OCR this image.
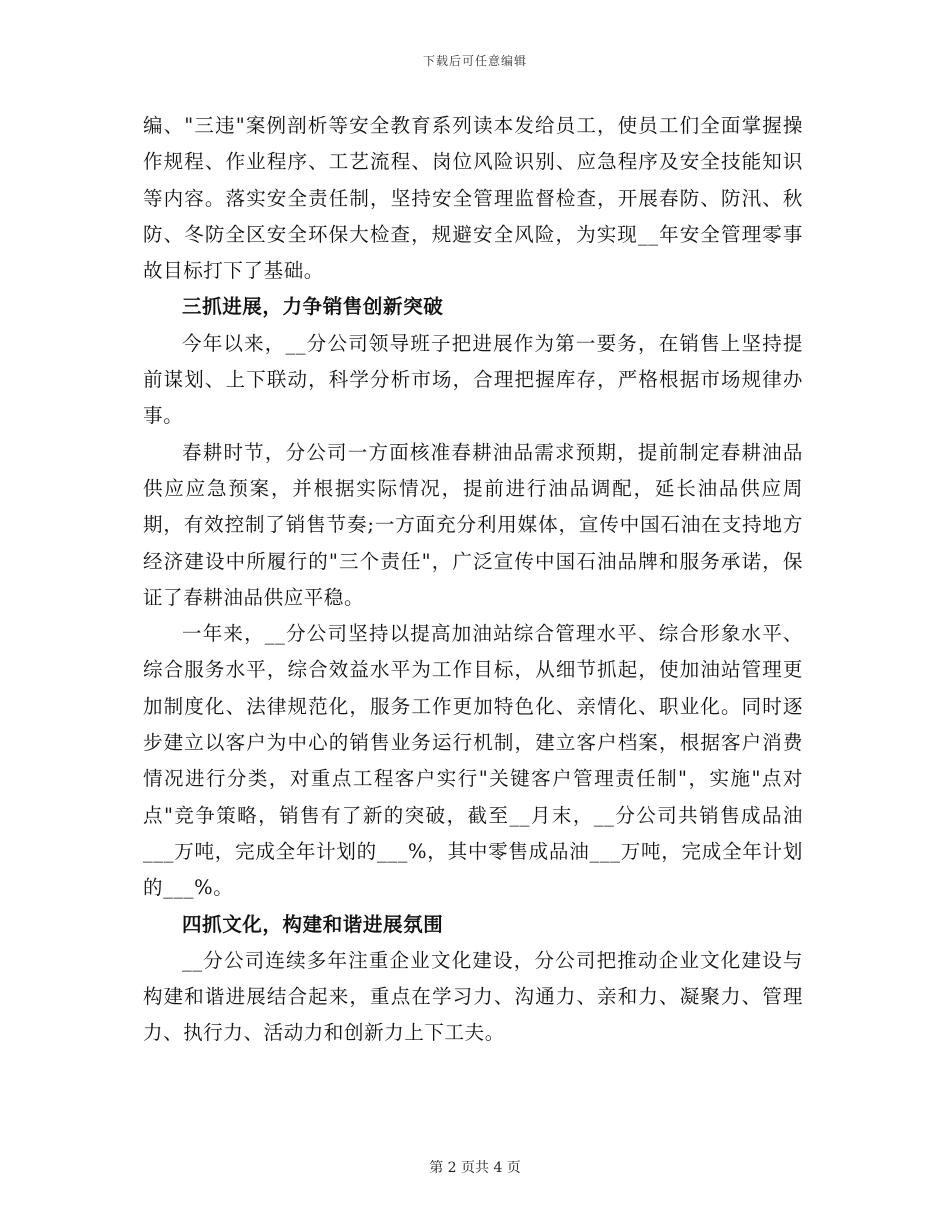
下载后可任意编辑

编、"三违"案例剖析等安全教育系列读本发给员工，使员工们全面掌握操作规程、作业程序、工艺流程、岗位风险识别、应急程序及安全技能知识等内容。落实安全责任制，坚持安全管理监督检查，开展春防、防汛、秋防、冬防全区安全环保大检查，规避安全风险，为实现__年安全管理零事故目标打下了基础。

三抓进展，力争销售创新突破

今年以来，__分公司领导班子把进展作为第一要务，在销售上坚持提前谋划、上下联动，科学分析市场，合理把握库存，严格根据市场规律办事。

春耕时节，分公司一方面核准春耕油品需求预期，提前制定春耕油品供应应急预案，并根据实际情况，提前进行油品调配，延长油品供应周期，有效控制了销售节奏;一方面充分利用媒体，宣传中国石油在支持地方经济建设中所履行的"三个责任"，广泛宣传中国石油品牌和服务承诺，保证了春耕油品供应平稳。

一年来，__分公司坚持以提高加油站综合管理水平、综合形象水平、综合服务水平，综合效益水平为工作目标，从细节抓起，使加油站管理更加制度化、法律规范化，服务工作更加特色化、亲情化、职业化。同时逐步建立以客户为中心的销售业务运行机制，建立客户档案，根据客户消费情况进行分类，对重点工程客户实行"关键客户管理责任制"，实施"点对点"竞争策略，销售有了新的突破，截至__月末，__分公司共销售成品油___万吨，完成全年计划的___%，其中零售成品油___万吨，完成全年计划的___%。

四抓文化，构建和谐进展氛围

__分公司连续多年注重企业文化建设，分公司把推动企业文化建设与构建和谐进展结合起来，重点在学习力、沟通力、亲和力、凝聚力、管理力、执行力、活动力和创新力上下工夫。

第 2 页共 4 页
